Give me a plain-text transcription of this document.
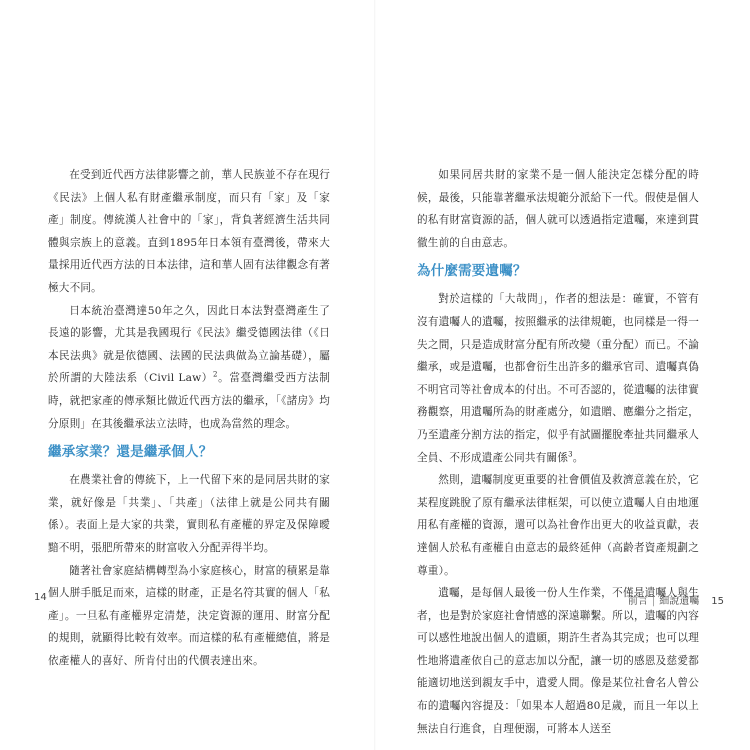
在受到近代西方法律影響之前，華人民族並不存在現行《民法》上個人私有財產繼承制度，而只有「家」及「家產」制度。傳統漢人社會中的「家」，背負著經濟生活共同體與宗族上的意義。直到1895年日本領有臺灣後，帶來大量採用近代西方法的日本法律，這和華人固有法律觀念有著極大不同。

日本統治臺灣達50年之久，因此日本法對臺灣產生了長遠的影響，尤其是我國現行《民法》繼受德國法律（《日本民法典》就是依德國、法國的民法典做為立論基礎），屬於所謂的大陸法系（Civil Law）$^2$。當臺灣繼受西方法制時，就把家產的傳承類比做近代西方法的繼承，「《諸房》均分原則」在其後繼承法立法時，也成為當然的理念。

繼承家業？還是繼承個人？

在農業社會的傳統下，上一代留下來的是同居共財的家業，就好像是「共業」、「共產」（法律上就是公同共有關係）。表面上是大家的共業，實則私有產權的界定及保障曖黯不明，張肥所帶來的財富收入分配弄得半均。

隨著社會家庭結構轉型為小家庭核心，財富的積累是靠個人胼手胝足而來，這樣的財產，正是名符其實的個人「私產」。一旦私有產權界定清楚，決定資源的運用、財富分配的規則，就顯得比較有效率。而這樣的私有產權總值，將是依產權人的喜好、所肯付出的代價表達出來。

14

如果同居共財的家業不是一個人能決定怎樣分配的時候，最後，只能靠著繼承法規範分派給下一代。假使是個人的私有財富資源的話，個人就可以透過指定遺囑，來達到貫徹生前的自由意志。

為什麼需要遺囑？

對於這樣的「大哉問」，作者的想法是：確實，不管有沒有遺囑人的遺囑，按照繼承的法律規範，也同樣是一得一失之間，只是造成財富分配有所改變（重分配）而已。不論繼承，或是遺囑，也都會衍生出許多的繼承官司、遺囑真偽不明官司等社會成本的付出。不可否認的，從遺囑的法律實務觀察，用遺囑所為的財產處分，如遺贈、應繼分之指定，乃至遺產分割方法的指定，似乎有試圖擺脫牽扯共同繼承人全員、不形成遺產公同共有關係$^3$。

然則，遺囑制度更重要的社會價值及救濟意義在於，它某程度跳脫了原有繼承法律框架，可以使立遺囑人自由地運用私有產權的資源，還可以為社會作出更大的收益貢獻，表達個人於私有產權自由意志的最終延伸（高齡者資產規劃之尊重）。

遺囑，是每個人最後一份人生作業，不僅是遺囑人與生者，也是對於家庭社會情感的深遠聯繫。所以，遺囑的內容可以感性地說出個人的遺願，期許生者為其完成；也可以理性地將遺產依自己的意志加以分配，讓一切的感恩及慈愛都能適切地送到親友手中，遺愛人間。像是某位社會名人曾公布的遺囑內容提及：「如果本人超過80足歲，而且一年以上無法自行進食，自理便溺，可將本人送至

前言 | 細說遺囑 15
